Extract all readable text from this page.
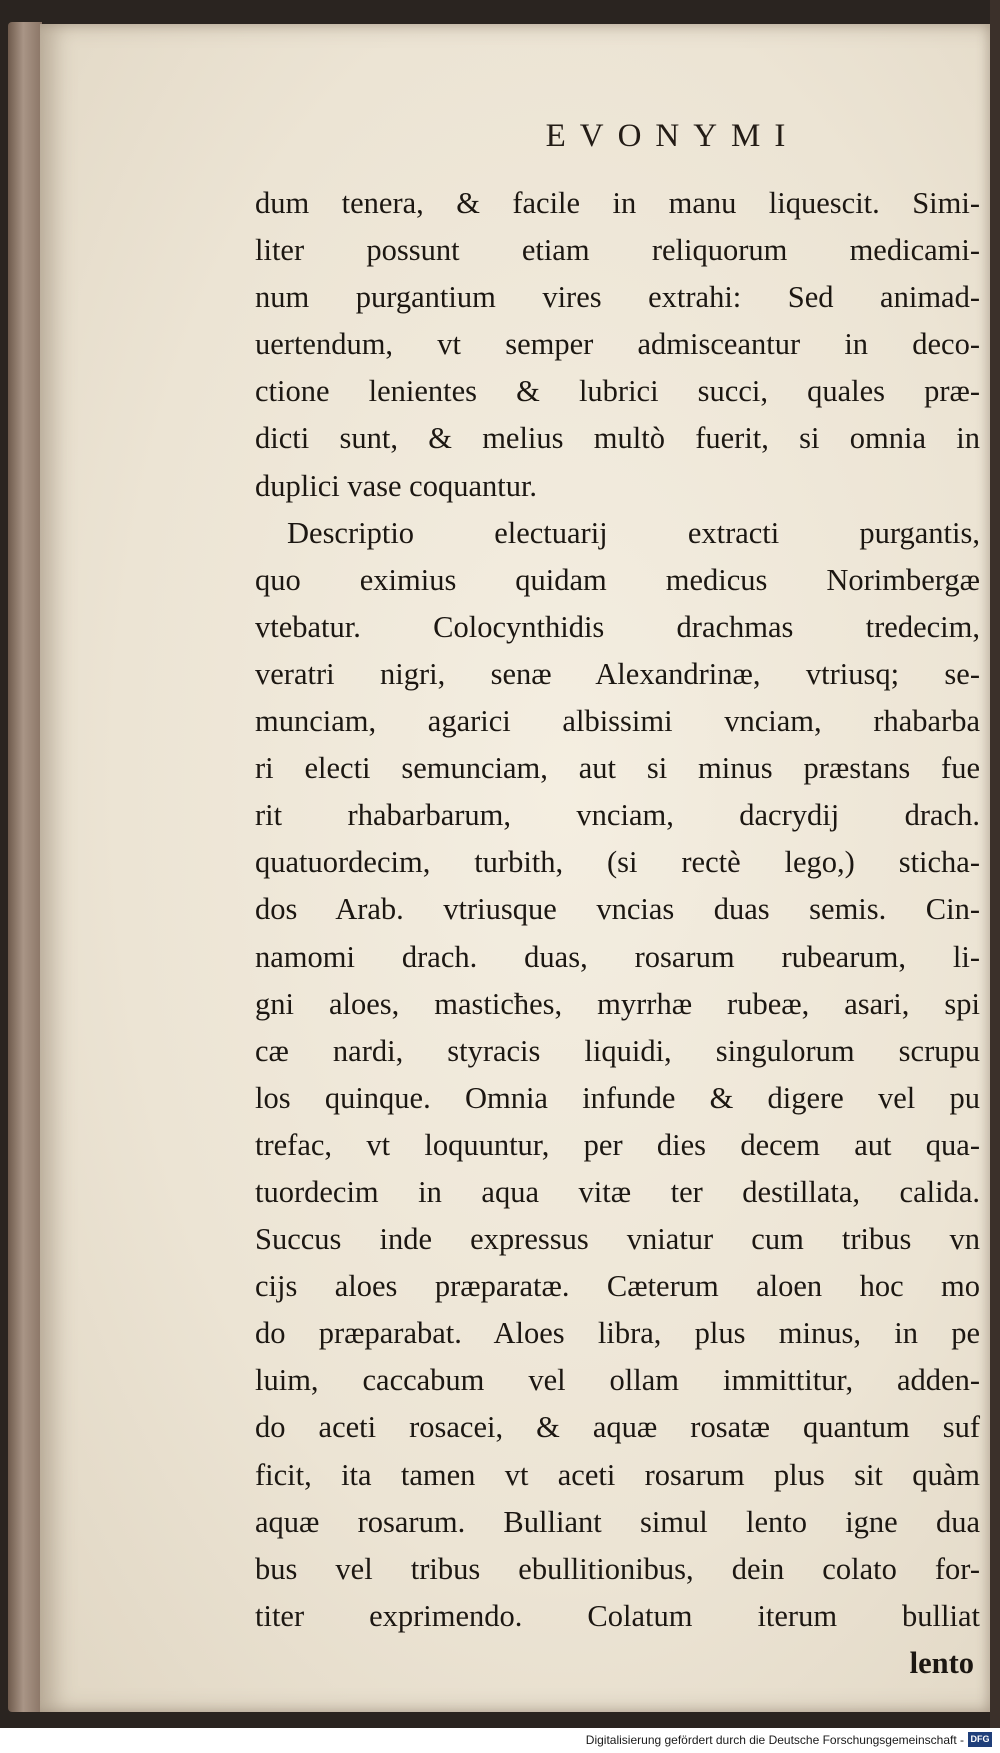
EVONYMI
dum tenera, & facile in manu liquescit. Simi-
liter possunt etiam reliquorum medicami-
num purgantium vires extrahi: Sed animad-
uertendum, vt semper admisceantur in deco-
ctione lenientes & lubrici succi, quales præ-
dicti sunt, & melius multò fuerit, si omnia in
duplici vase coquantur.
Descriptio electuarij extracti purgantis,
quo eximius quidam medicus Norimbergæ
vtebatur. Colocynthidis drachmas tredecim,
veratri nigri, senæ Alexandrinæ, vtriusq; se-
munciam, agarici albissimi vnciam, rhabarba
ri electi semunciam, aut si minus præstans fue
rit rhabarbarum, vnciam, dacrydij drach.
quatuordecim, turbith, (si rectè lego,) sticha-
dos Arab. vtriusque vncias duas semis. Cin-
namomi drach. duas, rosarum rubearum, li-
gni aloes, masticħes, myrrhæ rubeæ, asari, spi
cæ nardi, styracis liquidi, singulorum scrupu
los quinque. Omnia infunde & digere vel pu
trefac, vt loquuntur, per dies decem aut qua-
tuordecim in aqua vitæ ter destillata, calida.
Succus inde expressus vniatur cum tribus vn
cijs aloes præparatæ. Cæterum aloen hoc mo
do præparabat. Aloes libra, plus minus, in pe
luim, caccabum vel ollam immittitur, adden-
do aceti rosacei, & aquæ rosatæ quantum suf
ficit, ita tamen vt aceti rosarum plus sit quàm
aquæ rosarum. Bulliant simul lento igne dua
bus vel tribus ebullitionibus, dein colato for-
titer exprimendo. Colatum iterum bulliat
lento
Digitalisierung gefördert durch die Deutsche Forschungsgemeinschaft - DFG
